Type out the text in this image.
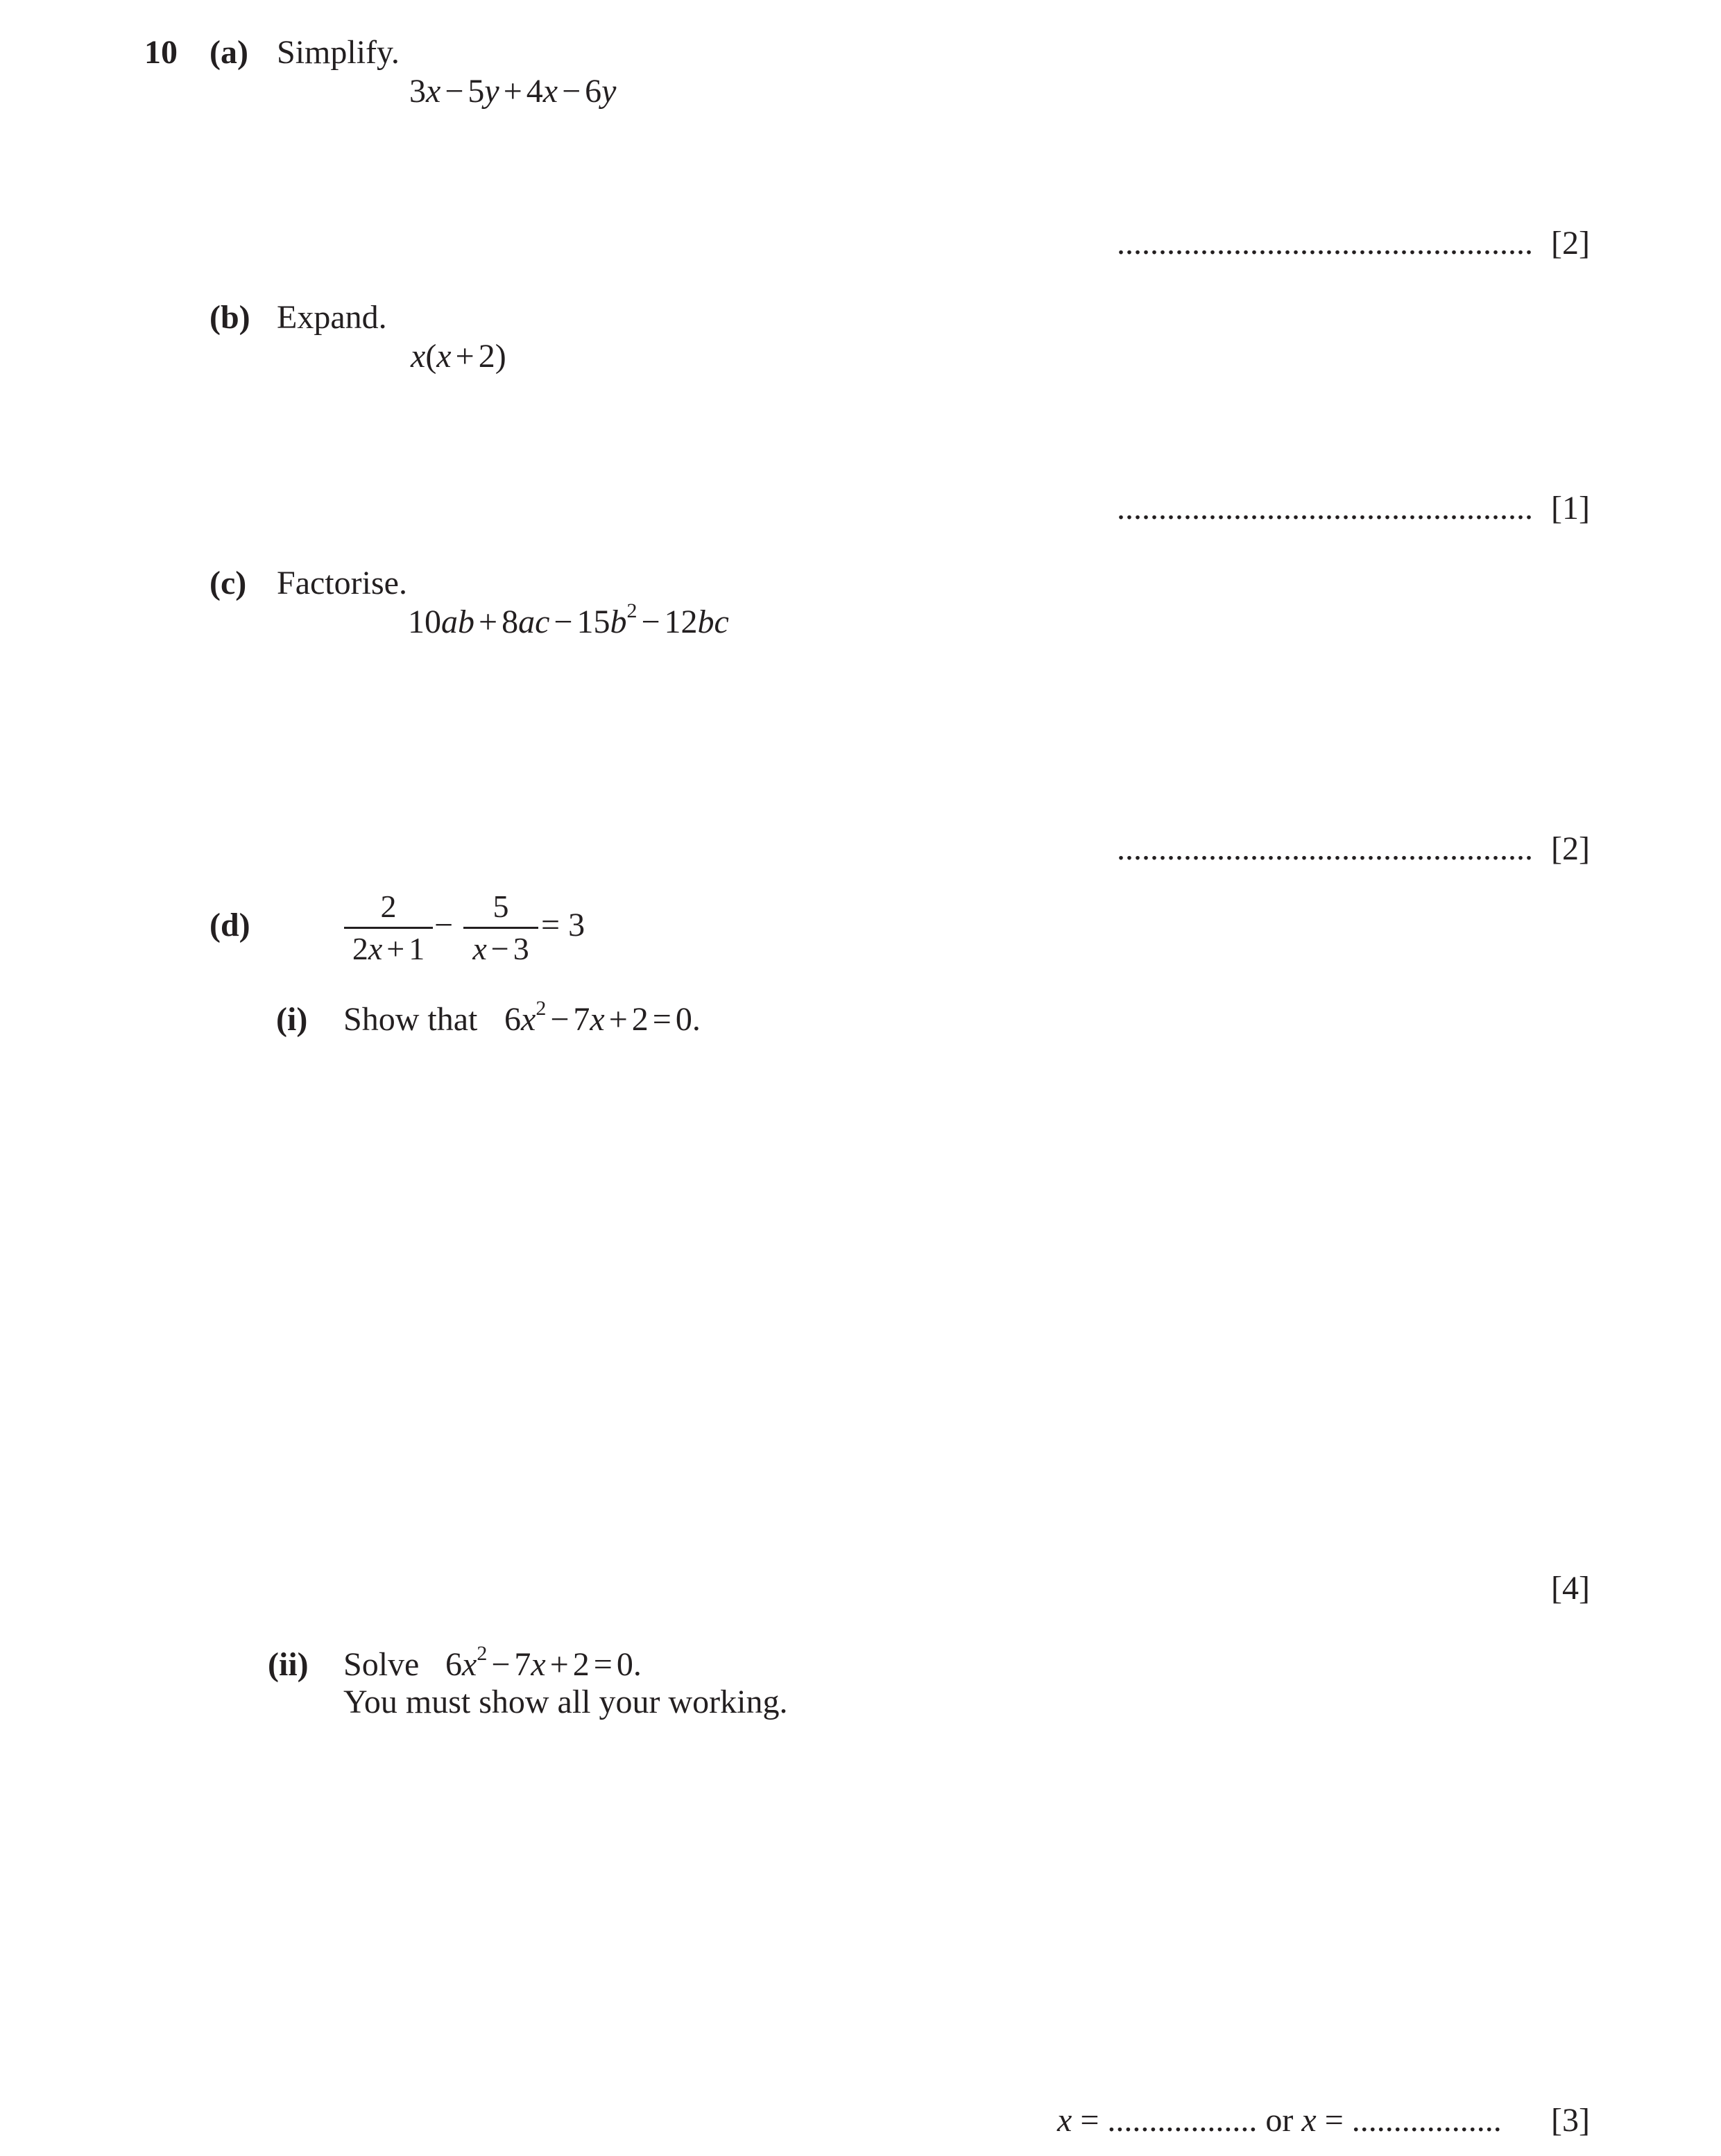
10 (a) Simplify.
3x − 5y + 4x − 6y
.................................................. [2]
(b) Expand.
x(x + 2)
.................................................. [1]
(c) Factorise.
$10ab + 8ac - 15b^2 - 12bc$
.................................................. [2]
(d)
2
2x + 1
−
5
x − 3
= 3
(i) Show that $6x^2 - 7x + 2 = 0$.
[4]
(ii) Solve $6x^2 - 7x + 2 = 0$.
You must show all your working.
x = .................. or x = .................. [3]
